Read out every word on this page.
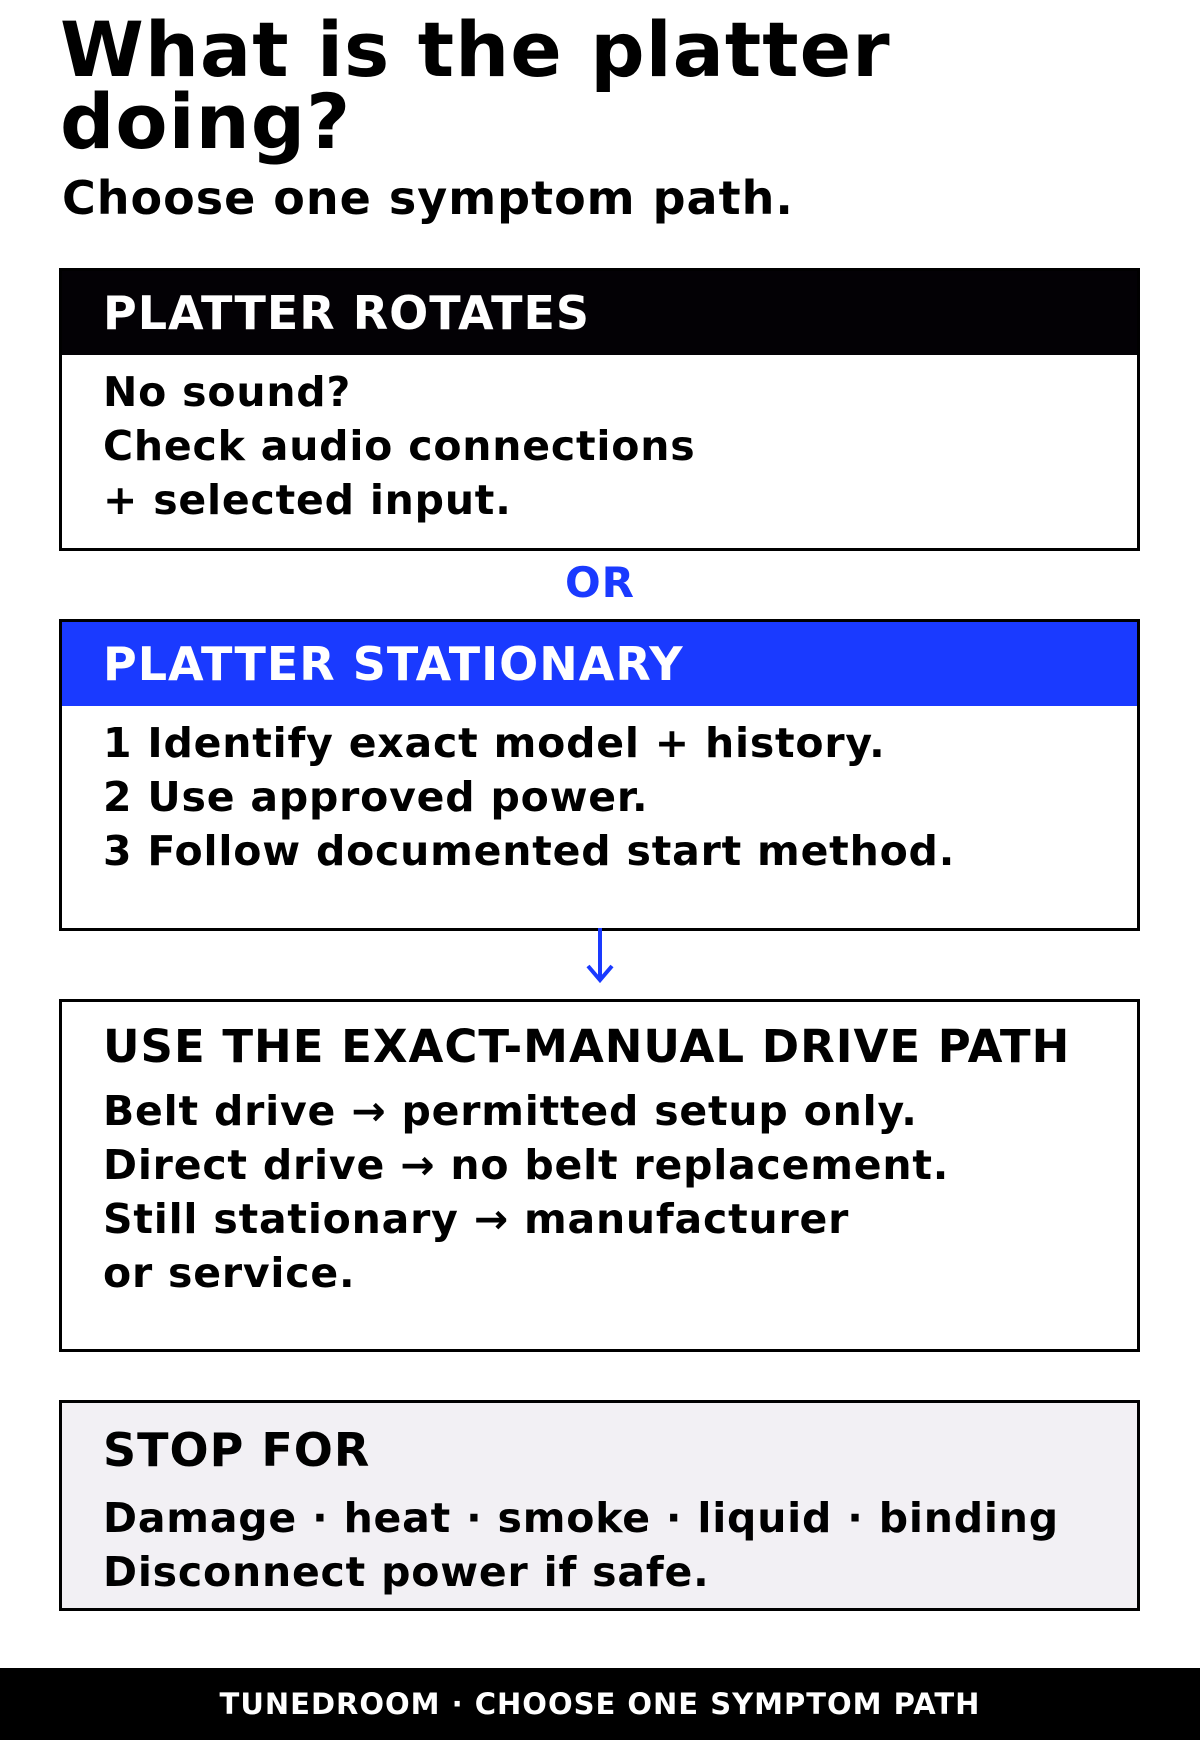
What is the platter doing?
Choose one symptom path.
PLATTER ROTATES
No sound?
Check audio connections
+ selected input.
OR
PLATTER STATIONARY
1 Identify exact model + history.
2 Use approved power.
3 Follow documented start method.
USE THE EXACT-MANUAL DRIVE PATH
Belt drive → permitted setup only.
Direct drive → no belt replacement.
Still stationary → manufacturer
or service.
STOP FOR
Damage · heat · smoke · liquid · binding
Disconnect power if safe.
TUNEDROOM · CHOOSE ONE SYMPTOM PATH
